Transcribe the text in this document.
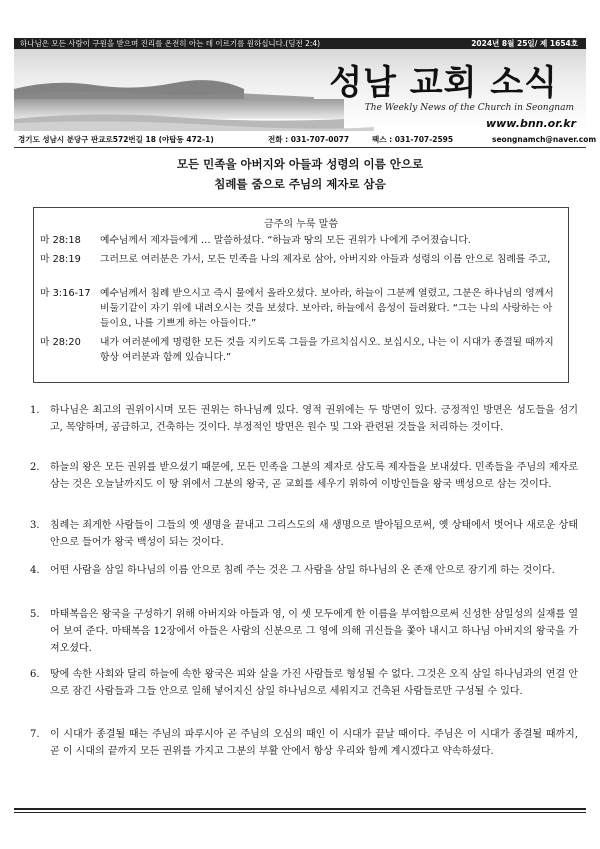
하나님은 모든 사람이 구원을 받으며 진리를 온전히 아는 데 이르기를 원하십니다.(딤전 2:4)	2024년 8월 25일/ 제 1654호
성남 교회 소식
The Weekly News of the Church in Seongnam
www.bnn.or.kr
경기도 성남시 분당구 판교로572번길 18 (야탑동 472-1)	전화 : 031-707-0077	팩스 : 031-707-2595	seongnamch@naver.com
모든 민족을 아버지와 아들과 성령의 이름 안으로
침례를 줌으로 주님의 제자로 삼음
금주의 누룩 말씀
마 28:18 예수님께서 제자들에게 … 말씀하셨다. “하늘과 땅의 모든 권위가 나에게 주어졌습니다.
마 28:19 그러므로 여러분은 가서, 모든 민족을 나의 제자로 삼아, 아버지와 아들과 성령의 이름 안으로 침례를 주고,
마 3:16-17 예수님께서 침례 받으시고 즉시 물에서 올라오셨다. 보아라, 하늘이 그분께 열렸고, 그분은 하나님의 영께서 비둘기같이 자기 위에 내려오시는 것을 보셨다. 보아라, 하늘에서 음성이 들려왔다. “그는 나의 사랑하는 아들이요, 나를 기쁘게 하는 아들이다.”
마 28:20 내가 여러분에게 명령한 모든 것을 지키도록 그들을 가르치십시오. 보십시오, 나는 이 시대가 종결될 때까지 항상 여러분과 함께 있습니다.”
1. 하나님은 최고의 권위이시며 모든 권위는 하나님께 있다. 영적 권위에는 두 방면이 있다. 긍정적인 방면은 성도들을 섬기고, 목양하며, 공급하고, 건축하는 것이다. 부정적인 방면은 원수 및 그와 관련된 것들을 처리하는 것이다.
2. 하늘의 왕은 모든 권위를 받으셨기 때문에, 모든 민족을 그분의 제자로 삼도록 제자들을 보내셨다. 민족들을 주님의 제자로 삼는 것은 오늘날까지도 이 땅 위에서 그분의 왕국, 곧 교회를 세우기 위하여 이방인들을 왕국 백성으로 삼는 것이다.
3. 침례는 죄게한 사람들이 그들의 옛 생명을 끝내고 그리스도의 새 생명으로 발아됨으로써, 옛 상태에서 벗어나 새로운 상태 안으로 들어가 왕국 백성이 되는 것이다.
4. 어떤 사람을 삼일 하나님의 이름 안으로 침례 주는 것은 그 사람을 삼일 하나님의 온 존재 안으로 잠기게 하는 것이다.
5. 마태복음은 왕국을 구성하기 위해 아버지와 아들과 영, 이 셋 모두에게 한 이름을 부여함으로써 신성한 삼일성의 실재를 열어 보여 준다. 마태복음 12장에서 아들은 사람의 신분으로 그 영에 의해 귀신들을 쫓아 내시고 하나님 아버지의 왕국을 가져오셨다.
6. 땅에 속한 사회와 달리 하늘에 속한 왕국은 피와 살을 가진 사람들로 형성될 수 없다. 그것은 오직 삼일 하나님과의 연결 안으로 잠긴 사람들과 그들 안으로 일해 넣어지신 삼일 하나님으로 세워지고 건축된 사람들로만 구성될 수 있다.
7. 이 시대가 종결될 때는 주님의 파루시아 곧 주님의 오심의 때인 이 시대가 끝날 때이다. 주님은 이 시대가 종결될 때까지, 곧 이 시대의 끝까지 모든 권위를 가지고 그분의 부활 안에서 항상 우리와 함께 계시겠다고 약속하셨다.
